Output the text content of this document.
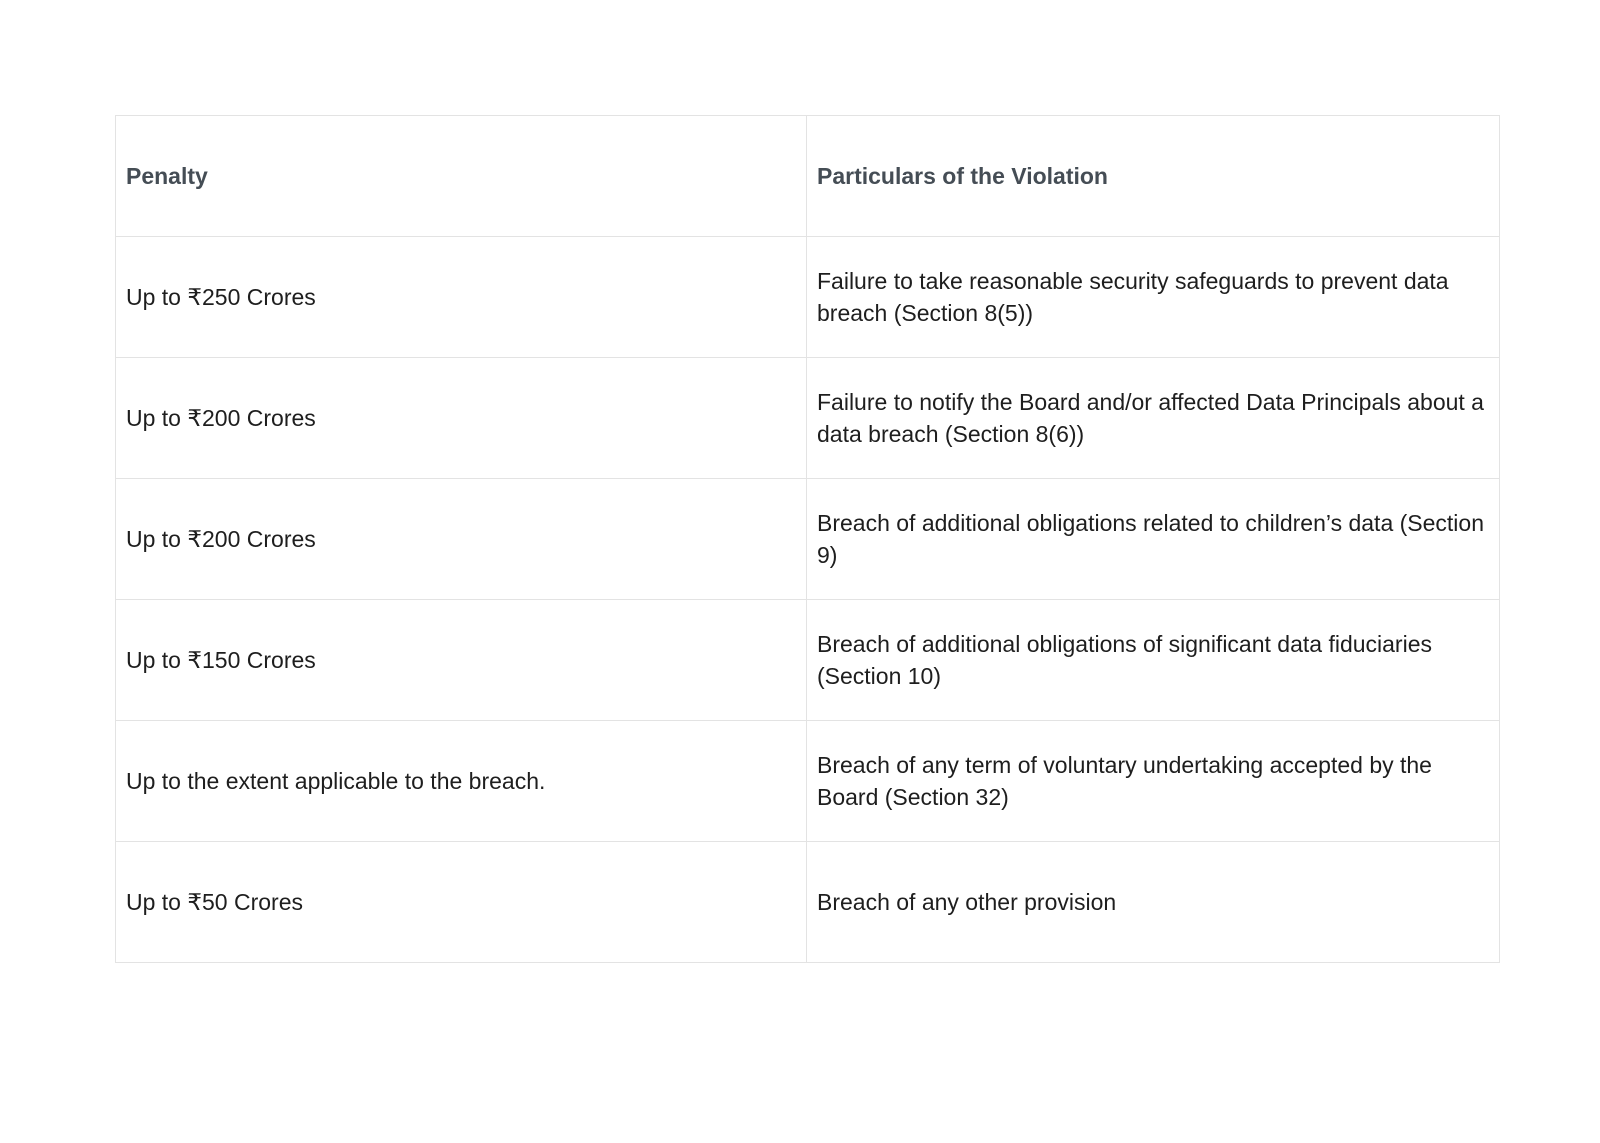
Penalty	Particulars of the Violation
Up to ₹250 Crores	Failure to take reasonable security safeguards to prevent data breach (Section 8(5))
Up to ₹200 Crores	Failure to notify the Board and/or affected Data Principals about a data breach (Section 8(6))
Up to ₹200 Crores	Breach of additional obligations related to children’s data (Section 9)
Up to ₹150 Crores	Breach of additional obligations of significant data fiduciaries (Section 10)
Up to the extent applicable to the breach.	Breach of any term of voluntary undertaking accepted by the Board (Section 32)
Up to ₹50 Crores	Breach of any other provision
